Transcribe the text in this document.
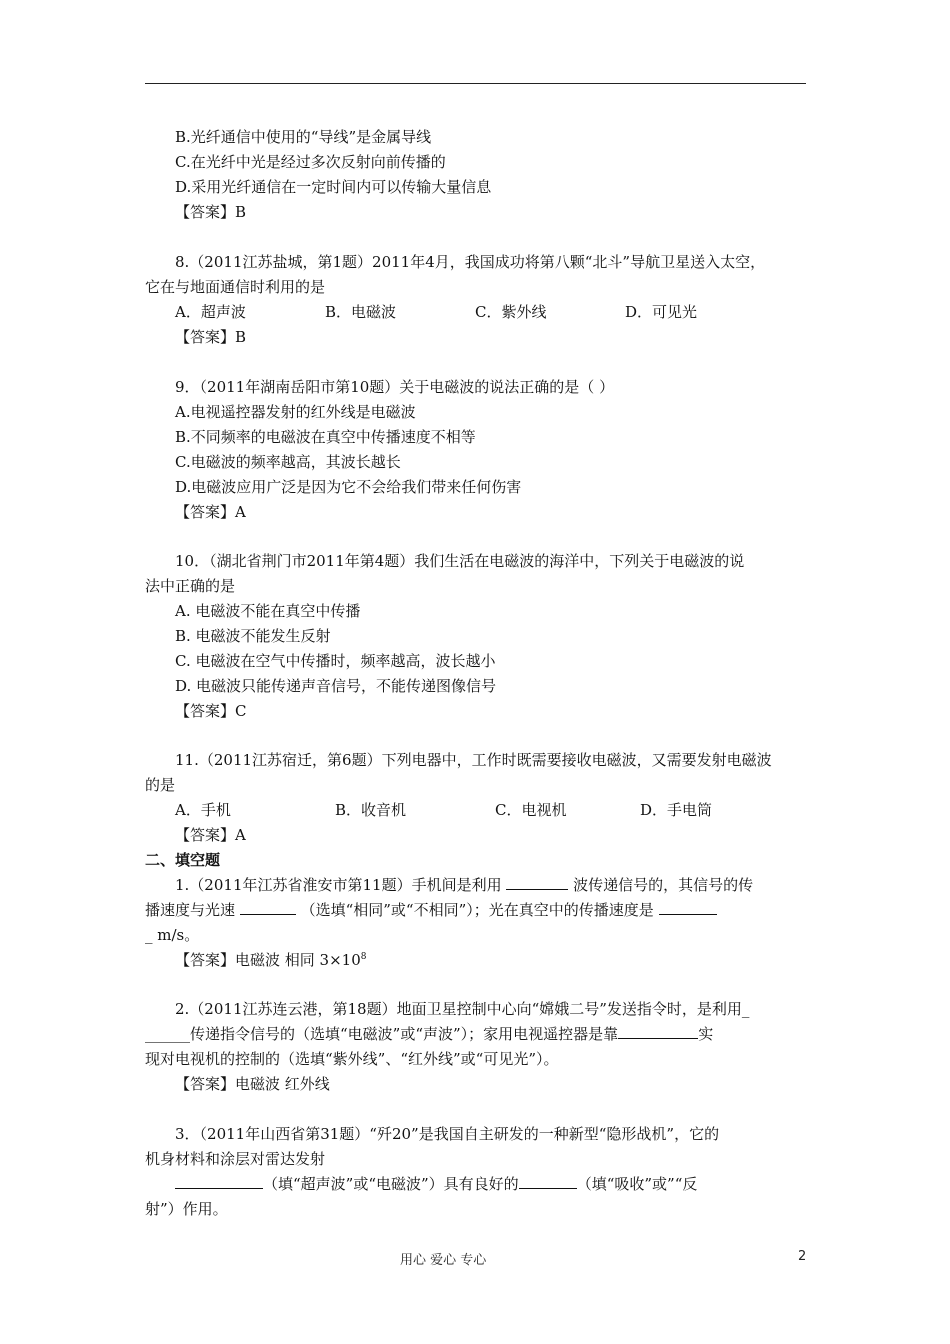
B.光纤通信中使用的“导线”是金属导线
C.在光纤中光是经过多次反射向前传播的
D.采用光纤通信在一定时间内可以传输大量信息
【答案】B
8.（2011江苏盐城，第1题）2011年4月，我国成功将第八颗“北斗”导航卫星送入太空，
它在与地面通信时利用的是
A．超声波	B．电磁波	C．紫外线	D．可见光
【答案】B
9．（2011年湖南岳阳市第10题）关于电磁波的说法正确的是（ ）
A.电视遥控器发射的红外线是电磁波
B.不同频率的电磁波在真空中传播速度不相等
C.电磁波的频率越高，其波长越长
D.电磁波应用广泛是因为它不会给我们带来任何伤害
【答案】A
10．（湖北省荆门市2011年第4题）我们生活在电磁波的海洋中，下列关于电磁波的说
法中正确的是
A. 电磁波不能在真空中传播
B. 电磁波不能发生反射
C. 电磁波在空气中传播时，频率越高，波长越小
D. 电磁波只能传递声音信号，不能传递图像信号
【答案】C
11.（2011江苏宿迁，第6题）下列电器中，工作时既需要接收电磁波，又需要发射电磁波
的是
A．手机	B．收音机	C．电视机	D．手电筒
【答案】A
二、填空题
1.（2011年江苏省淮安市第11题）手机间是利用	波传递信号的，其信号的传
播速度与光速	（选填“相同”或“不相同”）；光在真空中的传播速度是
_ m/s。
【答案】电磁波 相同 $3\times 10^8$
2.（2011江苏连云港，第18题）地面卫星控制中心向“嫦娥二号”发送指令时，是利用_
______传递指令信号的（选填“电磁波”或“声波”）；家用电视遥控器是靠	实
现对电视机的控制的（选填“紫外线”、“红外线”或“可见光”）。
【答案】电磁波 红外线
3．（2011年山西省第31题）“歼20”是我国自主研发的一种新型“隐形战机”，它的
机身材料和涂层对雷达发射
（填“超声波”或“电磁波”）具有良好的	（填“吸收”或”“反
射”）作用。
用心 爱心 专心	2
